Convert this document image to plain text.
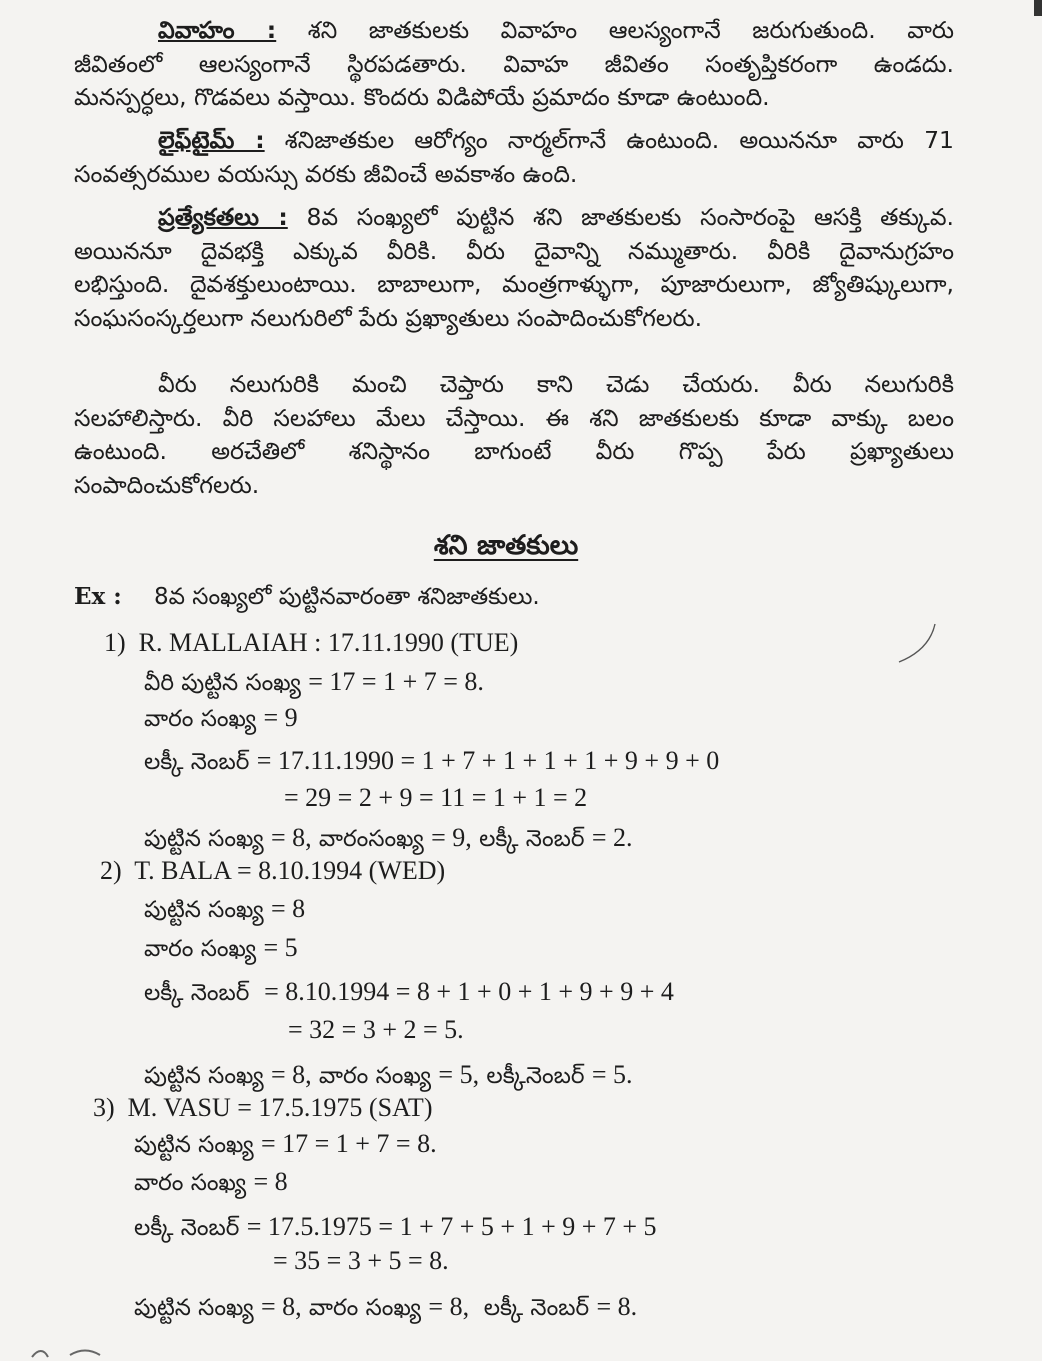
వివాహం : శని జాతకులకు వివాహం ఆలస్యంగానే జరుగుతుంది. వారు
జీవితంలో ఆలస్యంగానే స్థిరపడతారు. వివాహ జీవితం సంతృప్తికరంగా ఉండదు.
మనస్పర్ధలు, గొడవలు వస్తాయి. కొందరు విడిపోయే ప్రమాదం కూడా ఉంటుంది.
లైఫ్‌టైమ్ : శనిజాతకుల ఆరోగ్యం నార్మల్‌గానే ఉంటుంది. అయిననూ వారు 71
సంవత్సరముల వయస్సు వరకు జీవించే అవకాశం ఉంది.
ప్రత్యేకతలు : 8వ సంఖ్యలో పుట్టిన శని జాతకులకు సంసారంపై ఆసక్తి తక్కువ.
అయిననూ దైవభక్తి ఎక్కువ వీరికి. వీరు దైవాన్ని నమ్ముతారు. వీరికి దైవానుగ్రహం
లభిస్తుంది. దైవశక్తులుంటాయి. బాబాలుగా, మంత్రగాళ్ళుగా, పూజారులుగా, జ్యోతిష్కులుగా,
సంఘసంస్కర్తలుగా నలుగురిలో పేరు ప్రఖ్యాతులు సంపాదించుకోగలరు.
వీరు నలుగురికి మంచి చెప్తారు కాని చెడు చేయరు. వీరు నలుగురికి
సలహాలిస్తారు. వీరి సలహాలు మేలు చేస్తాయి. ఈ శని జాతకులకు కూడా వాక్కు బలం
ఉంటుంది. అరచేతిలో శనిస్థానం బాగుంటే వీరు గొప్ప పేరు ప్రఖ్యాతులు
సంపాదించుకోగలరు.
శని జాతకులు
Ex : 8వ సంఖ్యలో పుట్టినవారంతా శనిజాతకులు.
1) R. MALLAIAH : 17.11.1990 (TUE)
వీరి పుట్టిన సంఖ్య = 17 = 1 + 7 = 8.
వారం సంఖ్య = 9
లక్కీ నెంబర్ = 17.11.1990 = 1 + 7 + 1 + 1 + 1 + 9 + 9 + 0
= 29 = 2 + 9 = 11 = 1 + 1 = 2
పుట్టిన సంఖ్య = 8, వారంసంఖ్య = 9, లక్కీ నెంబర్ = 2.
2) T. BALA = 8.10.1994 (WED)
పుట్టిన సంఖ్య = 8
వారం సంఖ్య = 5
లక్కీ నెంబర్ = 8.10.1994 = 8 + 1 + 0 + 1 + 9 + 9 + 4
= 32 = 3 + 2 = 5.
పుట్టిన సంఖ్య = 8, వారం సంఖ్య = 5, లక్కీనెంబర్ = 5.
3) M. VASU = 17.5.1975 (SAT)
పుట్టిన సంఖ్య = 17 = 1 + 7 = 8.
వారం సంఖ్య = 8
లక్కీ నెంబర్ = 17.5.1975 = 1 + 7 + 5 + 1 + 9 + 7 + 5
= 35 = 3 + 5 = 8.
పుట్టిన సంఖ్య = 8, వారం సంఖ్య = 8, లక్కీ నెంబర్ = 8.
